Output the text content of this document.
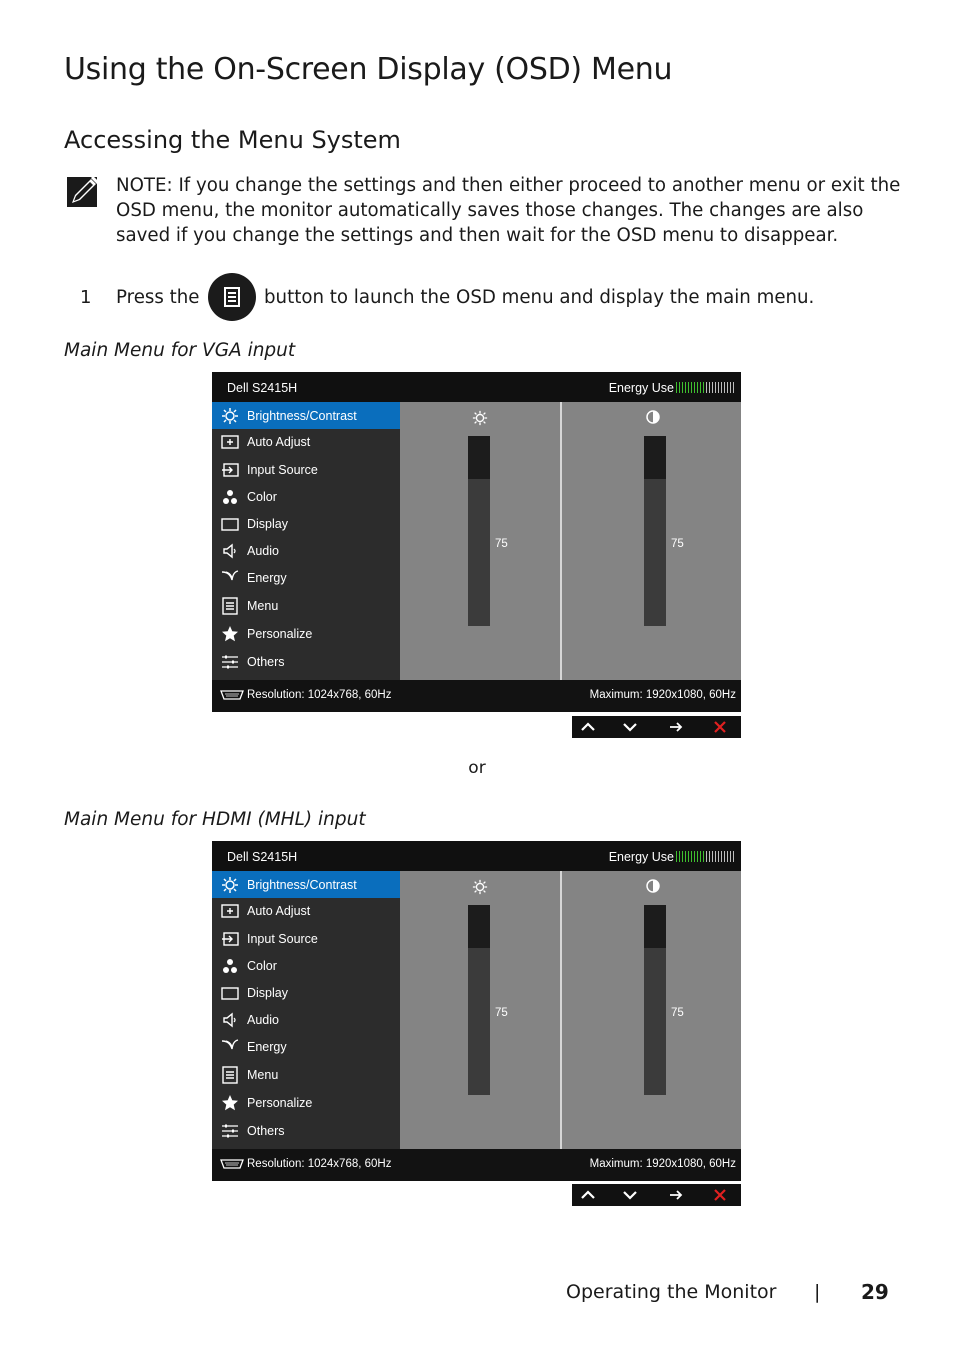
Using the On-Screen Display (OSD) Menu
Accessing the Menu System

NOTE: If you change the settings and then either proceed to another menu or exit the OSD menu, the monitor automatically saves those changes. The changes are also saved if you change the settings and then wait for the OSD menu to disappear.

1 Press the	button to launch the OSD menu and display the main menu.
Main Menu for VGA input
Dell S2415H	Energy Use
Brightness/Contrast
Auto Adjust
Input Source
Color
Display
Audio
Energy
Menu
Personalize
Others
75	75
Resolution: 1024x768, 60Hz	Maximum: 1920x1080, 60Hz
or
Main Menu for HDMI (MHL) input
Dell S2415H	Energy Use
Brightness/Contrast
Auto Adjust
Input Source
Color
Display
Audio
Energy
Menu
Personalize
Others
75	75
Resolution: 1024x768, 60Hz	Maximum: 1920x1080, 60Hz
Operating the Monitor | 29
